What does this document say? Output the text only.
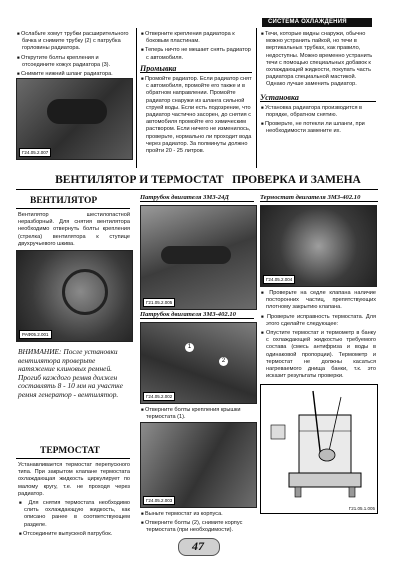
СИСТЕМА ОХЛАЖДЕНИЯ

■ Ослабьте хомут трубки расширительного бачка и снимите трубку (2) с патрубка горловины радиатора.

■ Открутите болты крепления и отсоедините кожух радиатора (3).

■ Снимите нижний шланг радиатора.

Г24.05.2.007

■ Отверните крепления радиатора к боковым пластинам.

■ Теперь ничто не мешает снять радиатор с автомобиля.

Промывка

■ Промойте радиатор. Если радиатор снят с автомобиля, промойте его также и в обратном направлении. Промойте радиатор снаружи из шланга сильной струей воды. Если есть подозрение, что радиатор частично засорен, до снятия с автомобиля промойте его химическим раствором. Если ничего не изменилось, проверьте, нормально ли проходит вода через радиатор. За полминуты должно пройти 20 - 25 литров.

■ Течи, которые видны снаружи, обычно можно устранить пайкой, но течи в вертикальных трубках, как правило, недоступны. Можно временно устранить течи с помощью специальных добавок к охлаждающей жидкости, покупать часть радиатора специальной мастикой. Однако лучше заменить радиатор.

Установка

■ Установка радиатора производится в порядке, обратном снятию.

■ Проверьте, не потекли ли шланги, при необходимости замените их.

ВЕНТИЛЯТОР И ТЕРМОСТАТ   ПРОВЕРКА И ЗАМЕНА
ВЕНТИЛЯТОР
Вентилятор шестилопастной неразборный. Для снятия вентилятора необходимо отвернуть болты крепления (стрелка) вентилятора к ступице двухручьевого шкива.
РАФ05.2.001
ВНИМАНИЕ: После установки вентилятора проверьте натяжение клиновых ремней. Прогиб каждого ремня должен составлять 8 - 10 мм на участке ремня генератор - вентилятор.
ТЕРМОСТАТ

Устанавливается термостат перепускного типа. При закрытом клапане термостата охлаждающая жидкость циркулирует по малому кругу, т.е. не проходя через радиатор.

■ Для снятия термостата необходимо слить охлаждающую жидкость, как описано ранее в соответствующем разделе.

■ Отсоедините выпускной патрубок.

Патрубок двигателя ЗМЗ-24Д
Г21.05.2.005
Патрубок двигателя ЗМЗ-402.10
1
2
Г24.05.2.002

■ Отверните болты крепления крышки термостата (1).

Г24.05.2.003

■ Выньте термостат из корпуса.

■ Отверните болты (2), снимите корпус термостата (при необходимости).

Термостат двигателя ЗМЗ-402.10
Г24.05.2.004

■ Проверьте на седле клапана наличие посторонних частиц, препятствующих плотному закрытию клапана.

■ Проверьте исправность термостата. Для этого сделайте следующее:

■ Опустите термостат и термометр в банку с охлаждающей жидкостью требуемого состава (смесь антифриза и воды в одинаковой пропорции). Термометр и термостат не должны касаться нагреваемого днища банки, т.к. это исказит результаты проверки.

Г21.05.1.005
47
